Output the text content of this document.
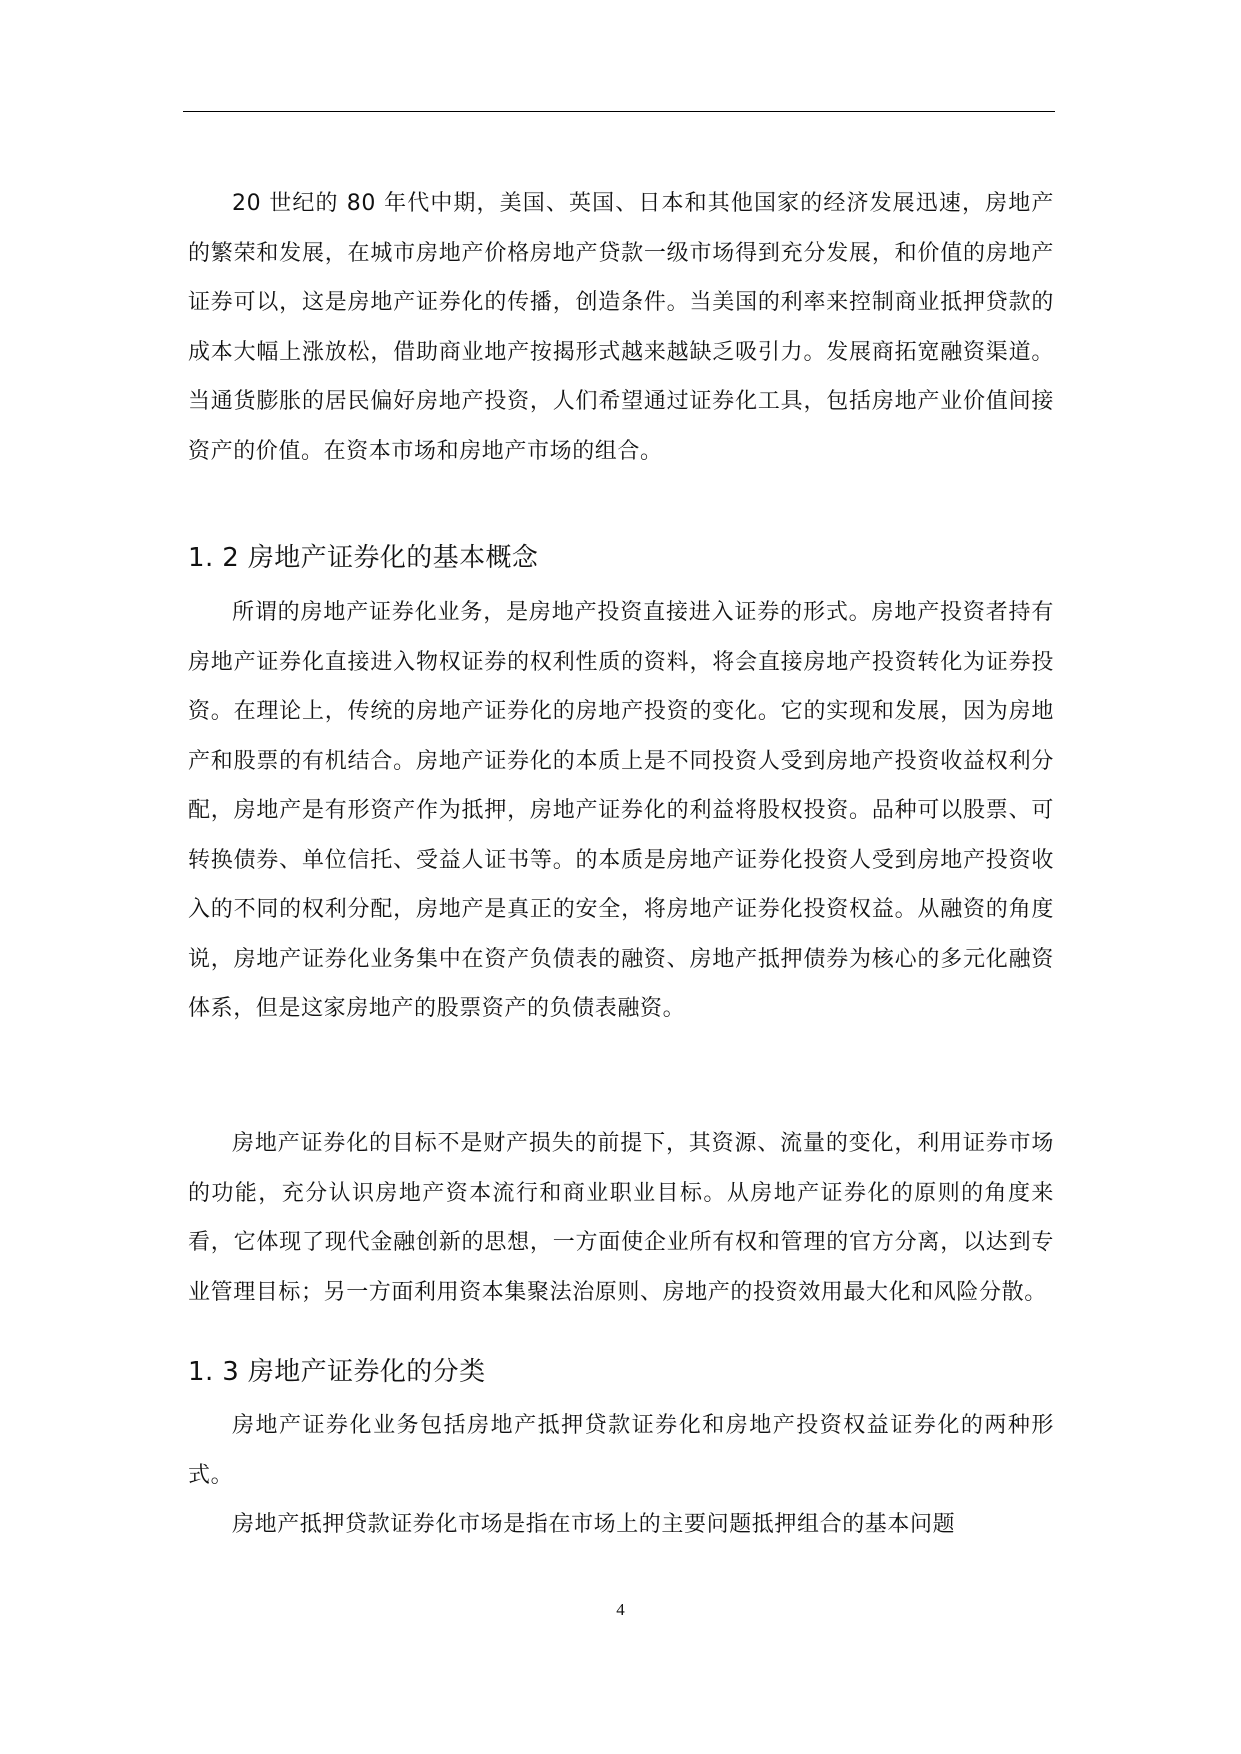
20 世纪的 80 年代中期，美国、英国、日本和其他国家的经济发展迅速，房地产的繁荣和发展，在城市房地产价格房地产贷款一级市场得到充分发展，和价值的房地产证券可以，这是房地产证券化的传播，创造条件。当美国的利率来控制商业抵押贷款的成本大幅上涨放松，借助商业地产按揭形式越来越缺乏吸引力。发展商拓宽融资渠道。当通货膨胀的居民偏好房地产投资，人们希望通过证券化工具，包括房地产业价值间接资产的价值。在资本市场和房地产市场的组合。

1. 2 房地产证券化的基本概念

所谓的房地产证券化业务，是房地产投资直接进入证券的形式。房地产投资者持有房地产证券化直接进入物权证券的权利性质的资料，将会直接房地产投资转化为证券投资。在理论上，传统的房地产证券化的房地产投资的变化。它的实现和发展，因为房地产和股票的有机结合。房地产证券化的本质上是不同投资人受到房地产投资收益权利分配，房地产是有形资产作为抵押，房地产证券化的利益将股权投资。品种可以股票、可转换债券、单位信托、受益人证书等。的本质是房地产证券化投资人受到房地产投资收入的不同的权利分配，房地产是真正的安全，将房地产证券化投资权益。从融资的角度说，房地产证券化业务集中在资产负债表的融资、房地产抵押债券为核心的多元化融资体系，但是这家房地产的股票资产的负债表融资。

房地产证券化的目标不是财产损失的前提下，其资源、流量的变化，利用证券市场的功能，充分认识房地产资本流行和商业职业目标。从房地产证券化的原则的角度来看，它体现了现代金融创新的思想，一方面使企业所有权和管理的官方分离，以达到专业管理目标；另一方面利用资本集聚法治原则、房地产的投资效用最大化和风险分散。

1. 3 房地产证券化的分类

房地产证券化业务包括房地产抵押贷款证券化和房地产投资权益证券化的两种形式。

房地产抵押贷款证券化市场是指在市场上的主要问题抵押组合的基本问题

4
